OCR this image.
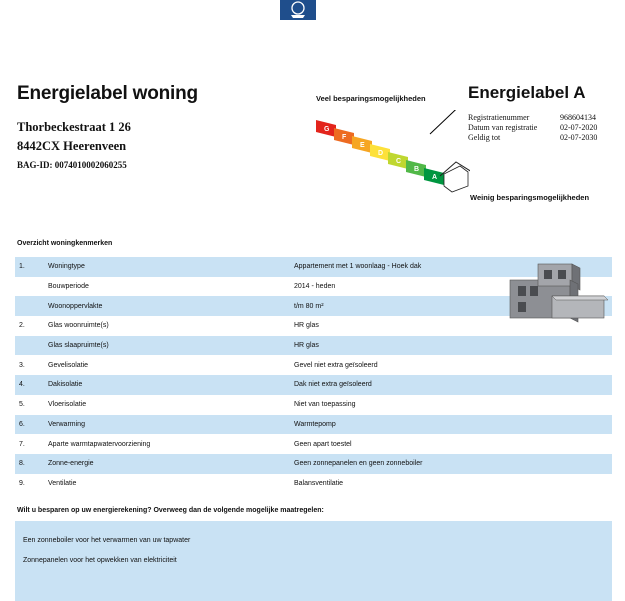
Energielabel woning
Thorbeckestraat 1 26
8442CX Heerenveen
BAG-ID: 0074010002060255
Veel besparingsmogelijkheden
G
F
E
D
C
B
A
Weinig besparingsmogelijkheden
Energielabel A
Registratienummer	968604134
Datum van registratie	02-07-2020
Geldig tot	02-07-2030
Overzicht woningkenmerken
1.	Woningtype	Appartement met 1 woonlaag - Hoek dak
Bouwperiode	2014 - heden
Woonoppervlakte	t/m 80 m²
2.	Glas woonruimte(s)	HR glas
Glas slaapruimte(s)	HR glas
3.	Gevelisolatie	Gevel niet extra geïsoleerd
4.	Dakisolatie	Dak niet extra geïsoleerd
5.	Vloerisolatie	Niet van toepassing
6.	Verwarming	Warmtepomp
7.	Aparte warmtapwatervoorziening	Geen apart toestel
8.	Zonne-energie	Geen zonnepanelen en geen zonneboiler
9.	Ventilatie	Balansventilatie
Wilt u besparen op uw energierekening? Overweeg dan de volgende mogelijke maatregelen:
Een zonneboiler voor het verwarmen van uw tapwater
Zonnepanelen voor het opwekken van elektriciteit
